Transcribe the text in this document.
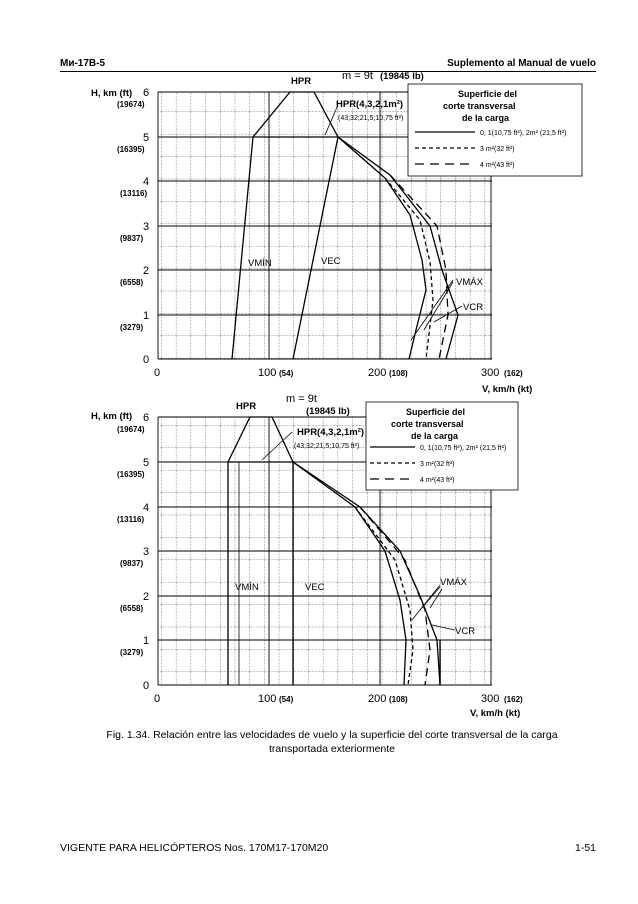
Ми-17В-5	Suplemento al Manual de vuelo
0
1
(3279)
2
(6558)
3
(9837)
4
(13116)
5
(16395)
6
(19674)
H, km (ft)
0	100 (54)	200 (108)	300 (162)
V, km/h (kt)
m = 9t (19845 lb)
HPR
HPR(4,3,2,1m²)
(43;32;21,5;10,75 ft²)
VMÍN	VEC
VMÁX
VCR
Superficie del
corte transversal
de la carga
0, 1(10,75 ft²), 2m² (21,5 ft²)
3 m²(32 ft²)
4 m²(43 ft²)
0
1
(3279)
2
(6558)
3
(9837)
4
(13116)
5
(16395)
6
(19674)
H, km (ft)
0	100 (54)	200 (108)	300 (162)
V, km/h (kt)
m = 9t
(19845 lb)
HPR
HPR(4,3,2,1m²)
(43;32;21,5;10,75 ft²)
VMÍN	VEC	VMÁX
VCR
Superficie del
corte transversal
de la carga
0, 1(10,75 ft²), 2m² (21,5 ft²)
3 m²(32 ft²)
4 m²(43 ft²)
Fig. 1.34. Relación entre las velocidades de vuelo y la superficie del corte transversal de la carga transportada exteriormente
VIGENTE PARA HELICÓPTEROS Nos. 170M17-170M20	1-51
